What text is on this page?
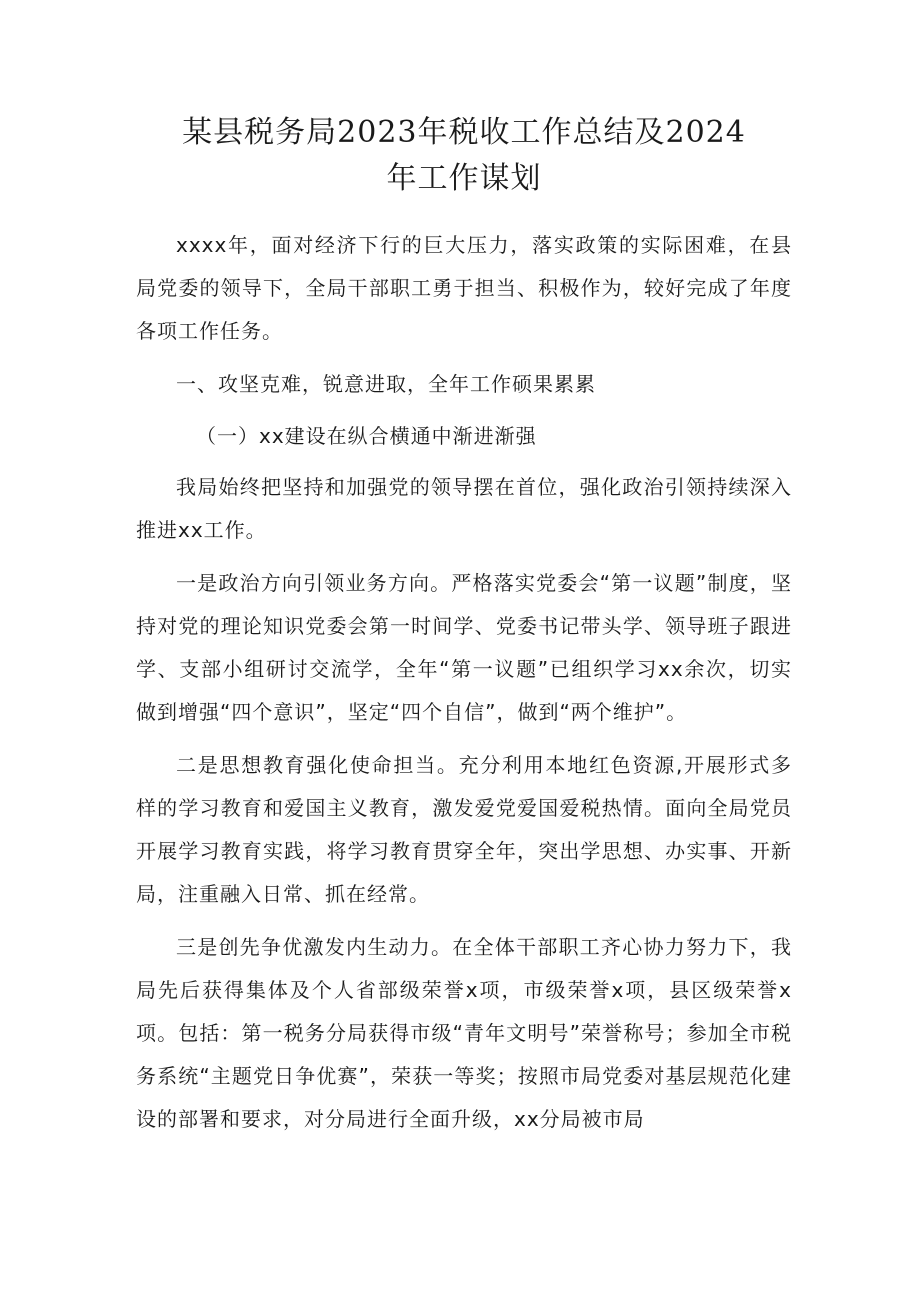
某县税务局2023年税收工作总结及2024
年工作谋划

xxxx年，面对经济下行的巨大压力，落实政策的实际困难，在县局党委的领导下，全局干部职工勇于担当、积极作为，较好完成了年度各项工作任务。

一、攻坚克难，锐意进取，全年工作硕果累累

（一）xx建设在纵合横通中渐进渐强

我局始终把坚持和加强党的领导摆在首位，强化政治引领持续深入推进xx工作。

一是政治方向引领业务方向。严格落实党委会“第一议题”制度，坚持对党的理论知识党委会第一时间学、党委书记带头学、领导班子跟进学、支部小组研讨交流学，全年“第一议题”已组织学习xx余次，切实做到增强“四个意识”，坚定“四个自信”，做到“两个维护”。

二是思想教育强化使命担当。充分利用本地红色资源,开展形式多样的学习教育和爱国主义教育，激发爱党爱国爱税热情。面向全局党员开展学习教育实践，将学习教育贯穿全年，突出学思想、办实事、开新局，注重融入日常、抓在经常。

三是创先争优激发内生动力。在全体干部职工齐心协力努力下，我局先后获得集体及个人省部级荣誉x项，市级荣誉x项，县区级荣誉x项。包括：第一税务分局获得市级“青年文明号”荣誉称号；参加全市税务系统“主题党日争优赛”，荣获一等奖；按照市局党委对基层规范化建设的部署和要求，对分局进行全面升级，xx分局被市局
